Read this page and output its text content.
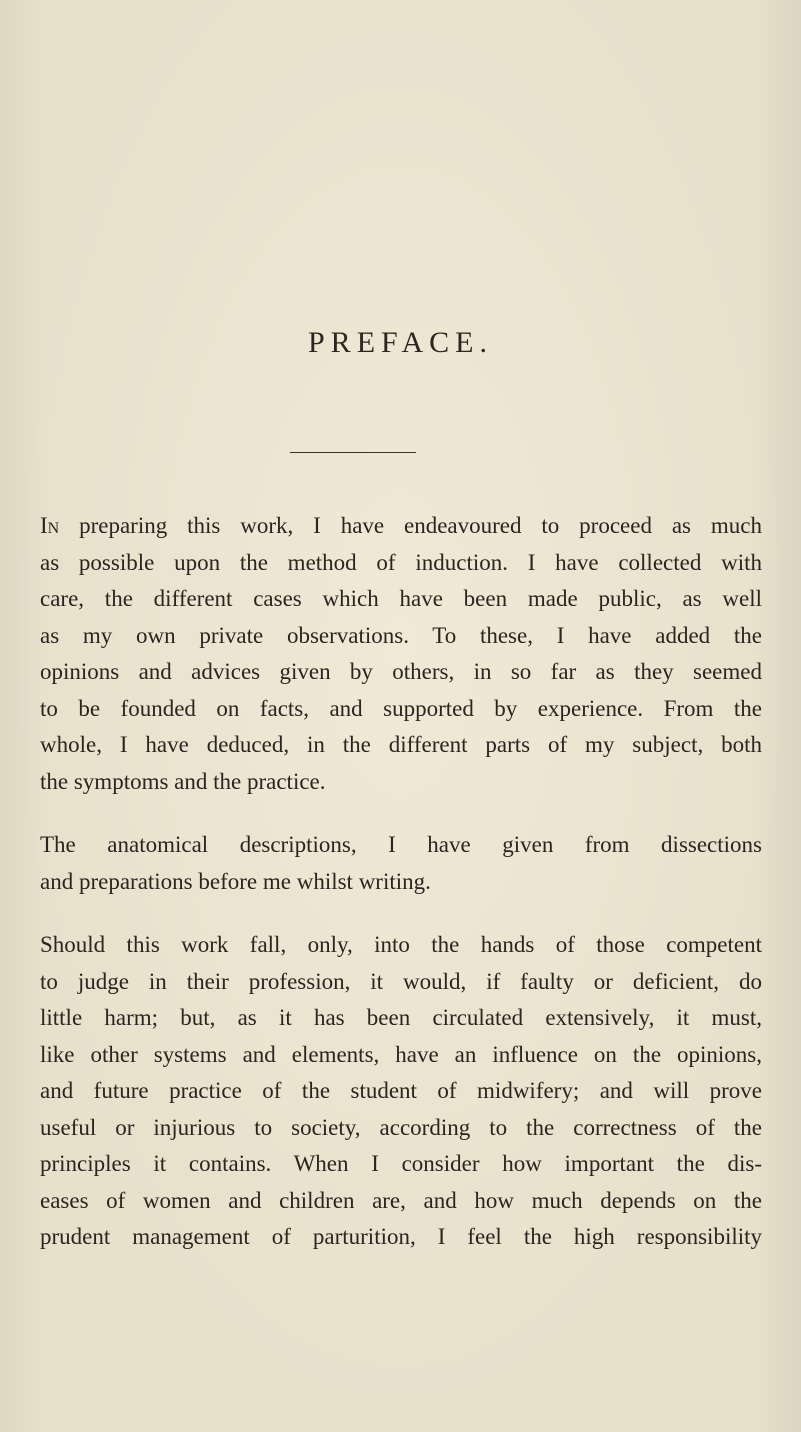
PREFACE.
In preparing this work, I have endeavoured to proceed as much
as possible upon the method of induction. I have collected with
care, the different cases which have been made public, as well
as my own private observations. To these, I have added the
opinions and advices given by others, in so far as they seemed
to be founded on facts, and supported by experience. From the
whole, I have deduced, in the different parts of my subject, both
the symptoms and the practice.
The anatomical descriptions, I have given from dissections
and preparations before me whilst writing.
Should this work fall, only, into the hands of those competent
to judge in their profession, it would, if faulty or deficient, do
little harm; but, as it has been circulated extensively, it must,
like other systems and elements, have an influence on the opinions,
and future practice of the student of midwifery; and will prove
useful or injurious to society, according to the correctness of the
principles it contains. When I consider how important the dis-
eases of women and children are, and how much depends on the
prudent management of parturition, I feel the high responsibility
